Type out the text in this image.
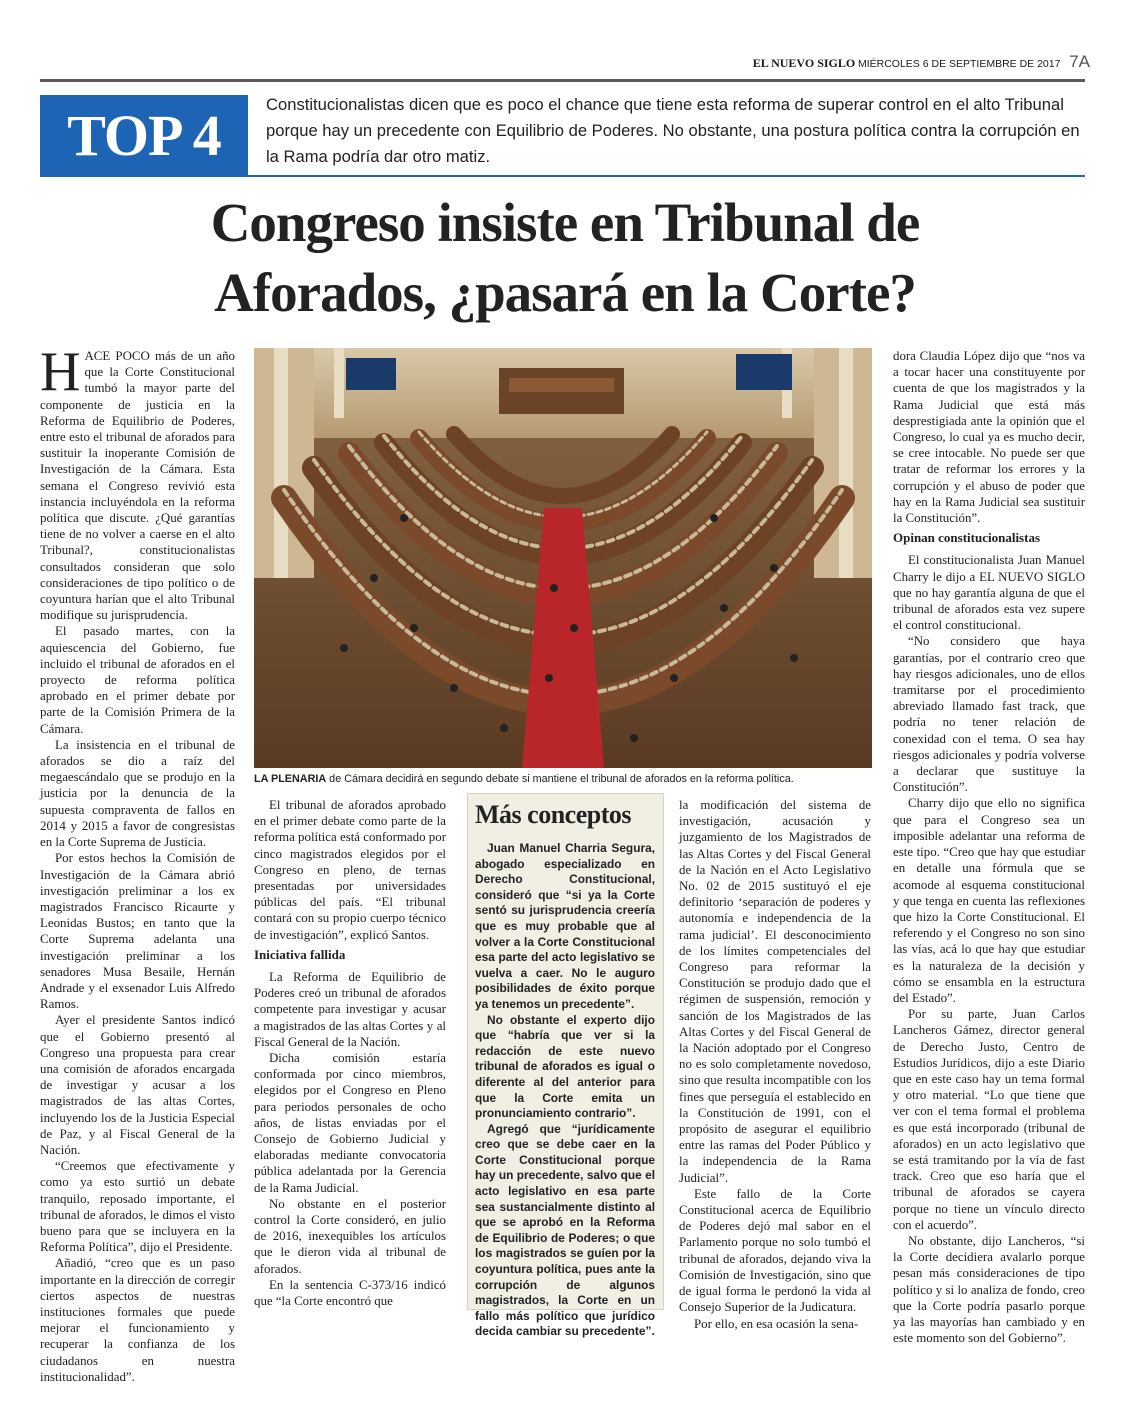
EL NUEVO SIGLO MIÉRCOLES 6 DE SEPTIEMBRE DE 2017 7A
TOP 4	Constitucionalistas dicen que es poco el chance que tiene esta reforma de superar control en el alto Tribunal porque hay un precedente con Equilibrio de Poderes. No obstante, una postura política contra la corrupción en la Rama podría dar otro matiz.
Congreso insiste en Tribunal de Aforados, ¿pasará en la Corte?

HACE POCO más de un año que la Corte Constitucional tumbó la mayor parte del componente de justicia en la Reforma de Equilibrio de Poderes, entre esto el tribunal de aforados para sustituir la inoperante Comisión de Investigación de la Cámara. Esta semana el Congreso revivió esta instancia incluyéndola en la reforma política que discute. ¿Qué garantías tiene de no volver a caerse en el alto Tribunal?, constitucionalistas consultados consideran que solo consideraciones de tipo político o de coyuntura harían que el alto Tribunal modifique su jurisprudencia.

El pasado martes, con la aquiescencia del Gobierno, fue incluido el tribunal de aforados en el proyecto de reforma política aprobado en el primer debate por parte de la Comisión Primera de la Cámara.

La insistencia en el tribunal de aforados se dio a raíz del megaescándalo que se produjo en la justicia por la denuncia de la supuesta compraventa de fallos en 2014 y 2015 a favor de congresistas en la Corte Suprema de Justicia.

Por estos hechos la Comisión de Investigación de la Cámara abrió investigación preliminar a los ex magistrados Francisco Ricaurte y Leonidas Bustos; en tanto que la Corte Suprema adelanta una investigación preliminar a los senadores Musa Besaile, Hernán Andrade y el exsenador Luis Alfredo Ramos.

Ayer el presidente Santos indicó que el Gobierno presentó al Congreso una propuesta para crear una comisión de aforados encargada de investigar y acusar a los magistrados de las altas Cortes, incluyendo los de la Justicia Especial de Paz, y al Fiscal General de la Nación.

“Creemos que efectivamente y como ya esto surtió un debate tranquilo, reposado importante, el tribunal de aforados, le dimos el visto bueno para que se incluyera en la Reforma Política”, dijo el Presidente.

Añadió, “creo que es un paso importante en la dirección de corregir ciertos aspectos de nuestras instituciones formales que puede mejorar el funcionamiento y recuperar la confianza de los ciudadanos en nuestra institucionalidad”.

LA PLENARIA de Cámara decidirá en segundo debate si mantiene el tribunal de aforados en la reforma política.

El tribunal de aforados aprobado en el primer debate como parte de la reforma política está conformado por cinco magistrados elegidos por el Congreso en pleno, de ternas presentadas por universidades públicas del país. “El tribunal contará con su propio cuerpo técnico de investigación”, explicó Santos.

Iniciativa fallida

La Reforma de Equilibrio de Poderes creó un tribunal de aforados competente para investigar y acusar a magistrados de las altas Cortes y al Fiscal General de la Nación.

Dicha comisión estaría conformada por cinco miembros, elegidos por el Congreso en Pleno para periodos personales de ocho años, de listas enviadas por el Consejo de Gobierno Judicial y elaboradas mediante convocatoria pública adelantada por la Gerencia de la Rama Judicial.

No obstante en el posterior control la Corte consideró, en julio de 2016, inexequibles los artículos que le dieron vida al tribunal de aforados.

En la sentencia C-373/16 indicó que “la Corte encontró que

Más conceptos

Juan Manuel Charria Segura, abogado especializado en Derecho Constitucional, consideró que “si ya la Corte sentó su jurisprudencia creería que es muy probable que al volver a la Corte Constitucional esa parte del acto legislativo se vuelva a caer. No le auguro posibilidades de éxito porque ya tenemos un precedente”.

No obstante el experto dijo que “habría que ver si la redacción de este nuevo tribunal de aforados es igual o diferente al del anterior para que la Corte emita un pronunciamiento contrario”.

Agregó que “jurídicamente creo que se debe caer en la Corte Constitucional porque hay un precedente, salvo que el acto legislativo en esa parte sea sustancialmente distinto al que se aprobó en la Reforma de Equilibrio de Poderes; o que los magistrados se guíen por la coyuntura política, pues ante la corrupción de algunos magistrados, la Corte en un fallo más político que jurídico decida cambiar su precedente”.

la modificación del sistema de investigación, acusación y juzgamiento de los Magistrados de las Altas Cortes y del Fiscal General de la Nación en el Acto Legislativo No. 02 de 2015 sustituyó el eje definitorio ‘separación de poderes y autonomía e independencia de la rama judicial’. El desconocimiento de los límites competenciales del Congreso para reformar la Constitución se produjo dado que el régimen de suspensión, remoción y sanción de los Magistrados de las Altas Cortes y del Fiscal General de la Nación adoptado por el Congreso no es solo completamente novedoso, sino que resulta incompatible con los fines que perseguía el establecido en la Constitución de 1991, con el propósito de asegurar el equilibrio entre las ramas del Poder Público y la independencia de la Rama Judicial”.

Este fallo de la Corte Constitucional acerca de Equilibrio de Poderes dejó mal sabor en el Parlamento porque no solo tumbó el tribunal de aforados, dejando viva la Comisión de Investigación, sino que de igual forma le perdonó la vida al Consejo Superior de la Judicatura.

Por ello, en esa ocasión la sena-

dora Claudia López dijo que “nos va a tocar hacer una constituyente por cuenta de que los magistrados y la Rama Judicial que está más desprestigiada ante la opinión que el Congreso, lo cual ya es mucho decir, se cree intocable. No puede ser que tratar de reformar los errores y la corrupción y el abuso de poder que hay en la Rama Judicial sea sustituir la Constitución”.

Opinan constitucionalistas

El constitucionalista Juan Manuel Charry le dijo a EL NUEVO SIGLO que no hay garantía alguna de que el tribunal de aforados esta vez supere el control constitucional.

“No considero que haya garantías, por el contrario creo que hay riesgos adicionales, uno de ellos tramitarse por el procedimiento abreviado llamado fast track, que podría no tener relación de conexidad con el tema. O sea hay riesgos adicionales y podría volverse a declarar que sustituye la Constitución”.

Charry dijo que ello no significa que para el Congreso sea un imposible adelantar una reforma de este tipo. “Creo que hay que estudiar en detalle una fórmula que se acomode al esquema constitucional y que tenga en cuenta las reflexiones que hizo la Corte Constitucional. El referendo y el Congreso no son sino las vías, acá lo que hay que estudiar es la naturaleza de la decisión y cómo se ensambla en la estructura del Estado”.

Por su parte, Juan Carlos Lancheros Gámez, director general de Derecho Justo, Centro de Estudios Jurídicos, dijo a este Diario que en este caso hay un tema formal y otro material. “Lo que tiene que ver con el tema formal el problema es que está incorporado (tribunal de aforados) en un acto legislativo que se está tramitando por la vía de fast track. Creo que eso haría que el tribunal de aforados se cayera porque no tiene un vínculo directo con el acuerdo”.

No obstante, dijo Lancheros, “si la Corte decidiera avalarlo porque pesan más consideraciones de tipo político y si lo analiza de fondo, creo que la Corte podría pasarlo porque ya las mayorías han cambiado y en este momento son del Gobierno”.
